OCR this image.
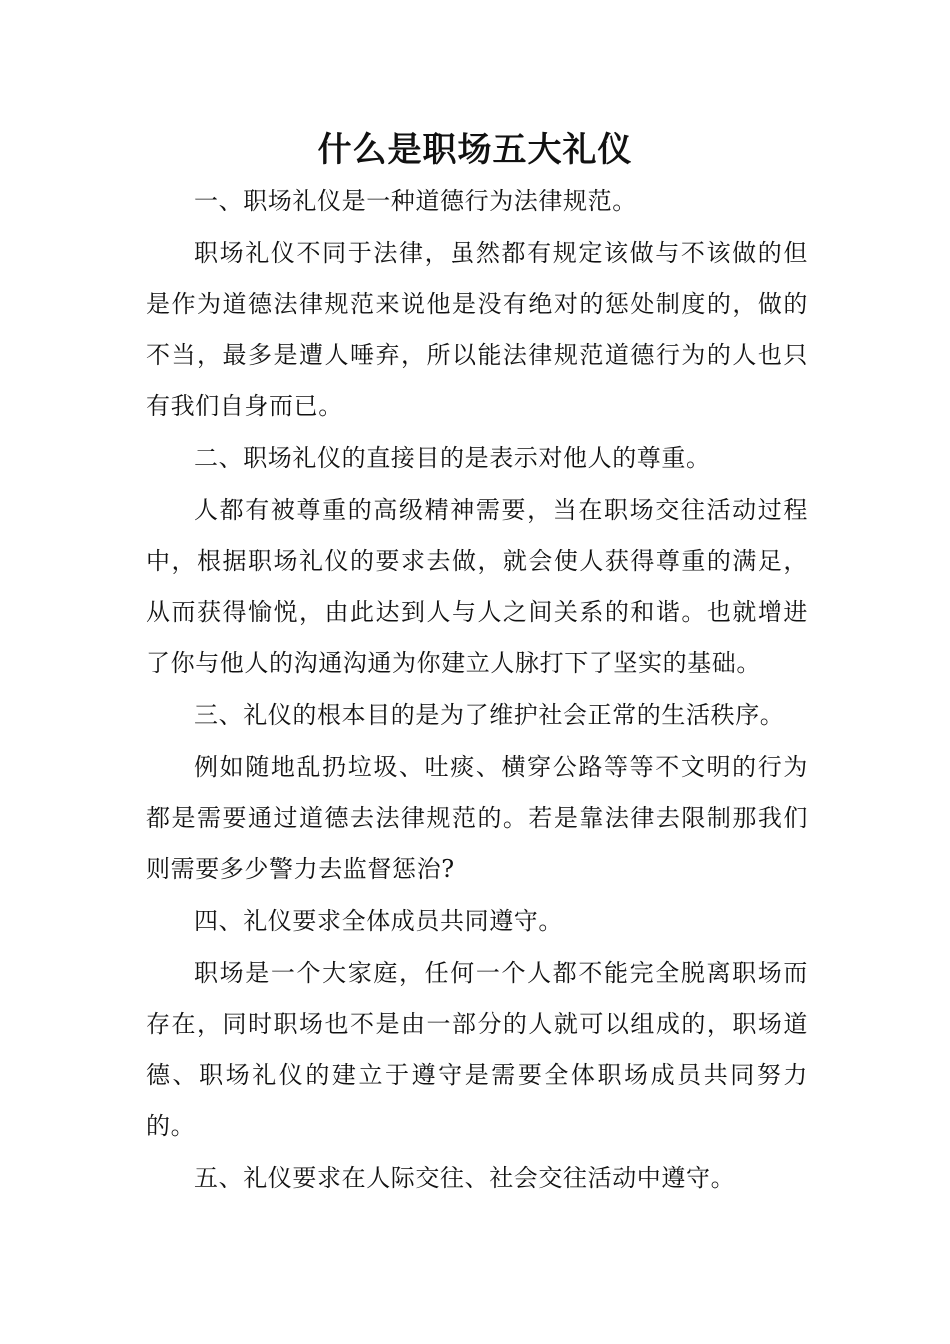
什么是职场五大礼仪

一、职场礼仪是一种道德行为法律规范。

职场礼仪不同于法律，虽然都有规定该做与不该做的但是作为道德法律规范来说他是没有绝对的惩处制度的，做的不当，最多是遭人唾弃，所以能法律规范道德行为的人也只有我们自身而已。

二、职场礼仪的直接目的是表示对他人的尊重。

人都有被尊重的高级精神需要，当在职场交往活动过程中，根据职场礼仪的要求去做，就会使人获得尊重的满足，从而获得愉悦，由此达到人与人之间关系的和谐。也就增进了你与他人的沟通沟通为你建立人脉打下了坚实的基础。

三、礼仪的根本目的是为了维护社会正常的生活秩序。

例如随地乱扔垃圾、吐痰、横穿公路等等不文明的行为都是需要通过道德去法律规范的。若是靠法律去限制那我们则需要多少警力去监督惩治?

四、礼仪要求全体成员共同遵守。

职场是一个大家庭，任何一个人都不能完全脱离职场而存在，同时职场也不是由一部分的人就可以组成的，职场道德、职场礼仪的建立于遵守是需要全体职场成员共同努力的。

五、礼仪要求在人际交往、社会交往活动中遵守。
